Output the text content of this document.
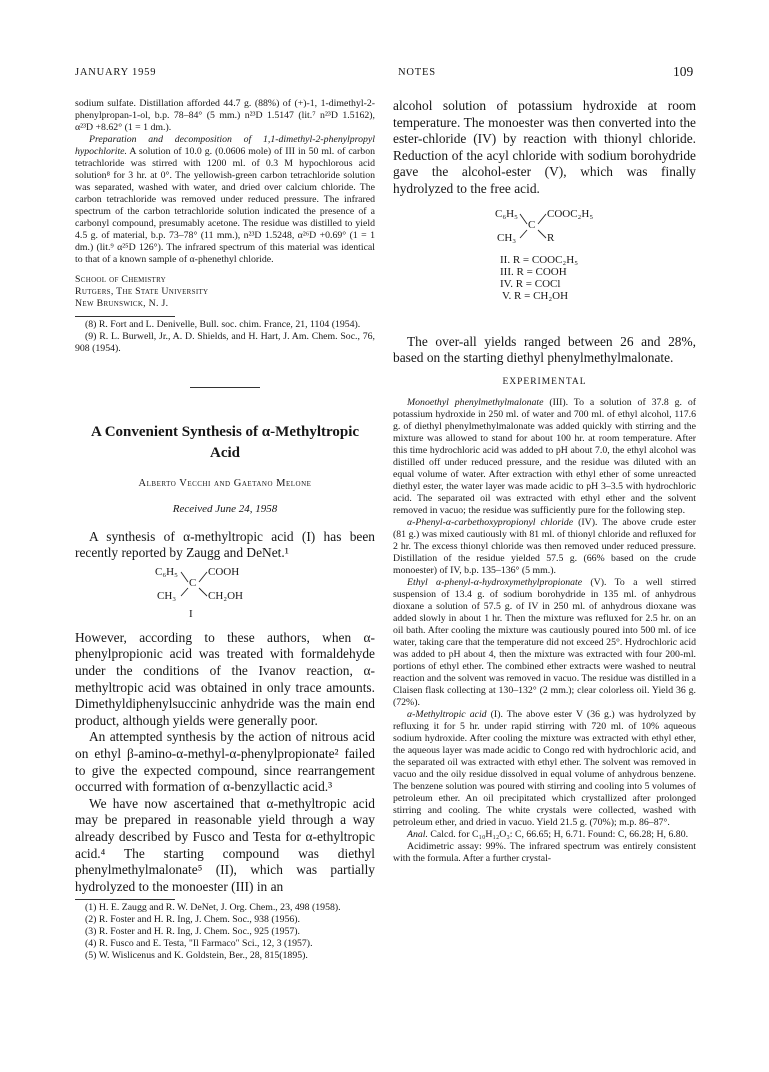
JANUARY 1959	NOTES	109

sodium sulfate. Distillation afforded 44.7 g. (88%) of (+)-1, 1-dimethyl-2-phenylpropan-1-ol, b.p. 78–84° (5 mm.) n²³D 1.5147 (lit.⁷ n²³D 1.5162), α²³D +8.62° (1 = 1 dm.).

Preparation and decomposition of 1,1-dimethyl-2-phenylpropyl hypochlorite. A solution of 10.0 g. (0.0606 mole) of III in 50 ml. of carbon tetrachloride was stirred with 1200 ml. of 0.3 M hypochlorous acid solution⁸ for 3 hr. at 0°. The yellowish-green carbon tetrachloride solution was separated, washed with water, and dried over calcium chloride. The carbon tetrachloride was removed under reduced pressure. The infrared spectrum of the carbon tetrachloride solution indicated the presence of a carbonyl compound, presumably acetone. The residue was distilled to yield 4.5 g. of material, b.p. 73–78° (11 mm.), n²³D 1.5248, α²⁶D +0.69° (1 = 1 dm.) (lit.⁹ α²⁵D 126°). The infrared spectrum of this material was identical to that of a known sample of α-phenethyl chloride.

School of Chemistry
Rutgers, The State University
New Brunswick, N. J.
(8) R. Fort and L. Denivelle, Bull. soc. chim. France, 21, 1104 (1954).
(9) R. L. Burwell, Jr., A. D. Shields, and H. Hart, J. Am. Chem. Soc., 76, 908 (1954).
A Convenient Synthesis of α-Methyltropic Acid
Alberto Vecchi and Gaetano Melone
Received June 24, 1958

A synthesis of α-methyltropic acid (I) has been recently reported by Zaugg and DeNet.¹

C₆H₅	COOH
C
CH₃	CH₂OH
I

However, according to these authors, when α-phenylpropionic acid was treated with formaldehyde under the conditions of the Ivanov reaction, α-methyltropic acid was obtained in only trace amounts. Dimethyldiphenylsuccinic anhydride was the main end product, although yields were generally poor.

An attempted synthesis by the action of nitrous acid on ethyl β-amino-α-methyl-α-phenylpropionate² failed to give the expected compound, since rearrangement occurred with formation of α-benzyllactic acid.³

We have now ascertained that α-methyltropic acid may be prepared in reasonable yield through a way already described by Fusco and Testa for α-ethyltropic acid.⁴ The starting compound was diethyl phenylmethylmalonate⁵ (II), which was partially hydrolyzed to the monoester (III) in an

(1) H. E. Zaugg and R. W. DeNet, J. Org. Chem., 23, 498 (1958).
(2) R. Foster and H. R. Ing, J. Chem. Soc., 938 (1956).
(3) R. Foster and H. R. Ing, J. Chem. Soc., 925 (1957).
(4) R. Fusco and E. Testa, "Il Farmaco" Sci., 12, 3 (1957).
(5) W. Wislicenus and K. Goldstein, Ber., 28, 815(1895).

alcohol solution of potassium hydroxide at room temperature. The monoester was then converted into the ester-chloride (IV) by reaction with thionyl chloride. Reduction of the acyl chloride with sodium borohydride gave the alcohol-ester (V), which was finally hydrolyzed to the free acid.

C₆H₅	COOC₂H₅
C
CH₃	R
II. R = COOC₂H₅
III. R = COOH
IV. R = COCl
V. R = CH₂OH

The over-all yields ranged between 26 and 28%, based on the starting diethyl phenylmethylmalonate.

EXPERIMENTAL

Monoethyl phenylmethylmalonate (III). To a solution of 37.8 g. of potassium hydroxide in 250 ml. of water and 700 ml. of ethyl alcohol, 117.6 g. of diethyl phenylmethylmalonate was added quickly with stirring and the mixture was allowed to stand for about 100 hr. at room temperature. After this time hydrochloric acid was added to pH about 7.0, the ethyl alcohol was distilled off under reduced pressure, and the residue was diluted with an equal volume of water. After extraction with ethyl ether of some unreacted diethyl ester, the water layer was made acidic to pH 3–3.5 with hydrochloric acid. The separated oil was extracted with ethyl ether and the solvent removed in vacuo; the residue was sufficiently pure for the following step.

α-Phenyl-α-carbethoxypropionyl chloride (IV). The above crude ester (81 g.) was mixed cautiously with 81 ml. of thionyl chloride and refluxed for 2 hr. The excess thionyl chloride was then removed under reduced pressure. Distillation of the residue yielded 57.5 g. (66% based on the crude monoester) of IV, b.p. 135–136° (5 mm.).

Ethyl α-phenyl-α-hydroxymethylpropionate (V). To a well stirred suspension of 13.4 g. of sodium borohydride in 135 ml. of anhydrous dioxane a solution of 57.5 g. of IV in 250 ml. of anhydrous dioxane was added slowly in about 1 hr. Then the mixture was refluxed for 2.5 hr. on an oil bath. After cooling the mixture was cautiously poured into 500 ml. of ice water, taking care that the temperature did not exceed 25°. Hydrochloric acid was added to pH about 4, then the mixture was extracted with four 200-ml. portions of ethyl ether. The combined ether extracts were washed to neutral reaction and the solvent was removed in vacuo. The residue was distilled in a Claisen flask collecting at 130–132° (2 mm.); clear colorless oil. Yield 36 g. (72%).

α-Methyltropic acid (I). The above ester V (36 g.) was hydrolyzed by refluxing it for 5 hr. under rapid stirring with 720 ml. of 10% aqueous sodium hydroxide. After cooling the mixture was extracted with ethyl ether, the aqueous layer was made acidic to Congo red with hydrochloric acid, and the separated oil was extracted with ethyl ether. The solvent was removed in vacuo and the oily residue dissolved in equal volume of anhydrous benzene. The benzene solution was poured with stirring and cooling into 5 volumes of petroleum ether. An oil precipitated which crystallized after prolonged stirring and cooling. The white crystals were collected, washed with petroleum ether, and dried in vacuo. Yield 21.5 g. (70%); m.p. 86–87°.

Anal. Calcd. for C₁₀H₁₂O₃: C, 66.65; H, 6.71. Found: C, 66.28; H, 6.80.

Acidimetric assay: 99%. The infrared spectrum was entirely consistent with the formula. After a further crystal-
